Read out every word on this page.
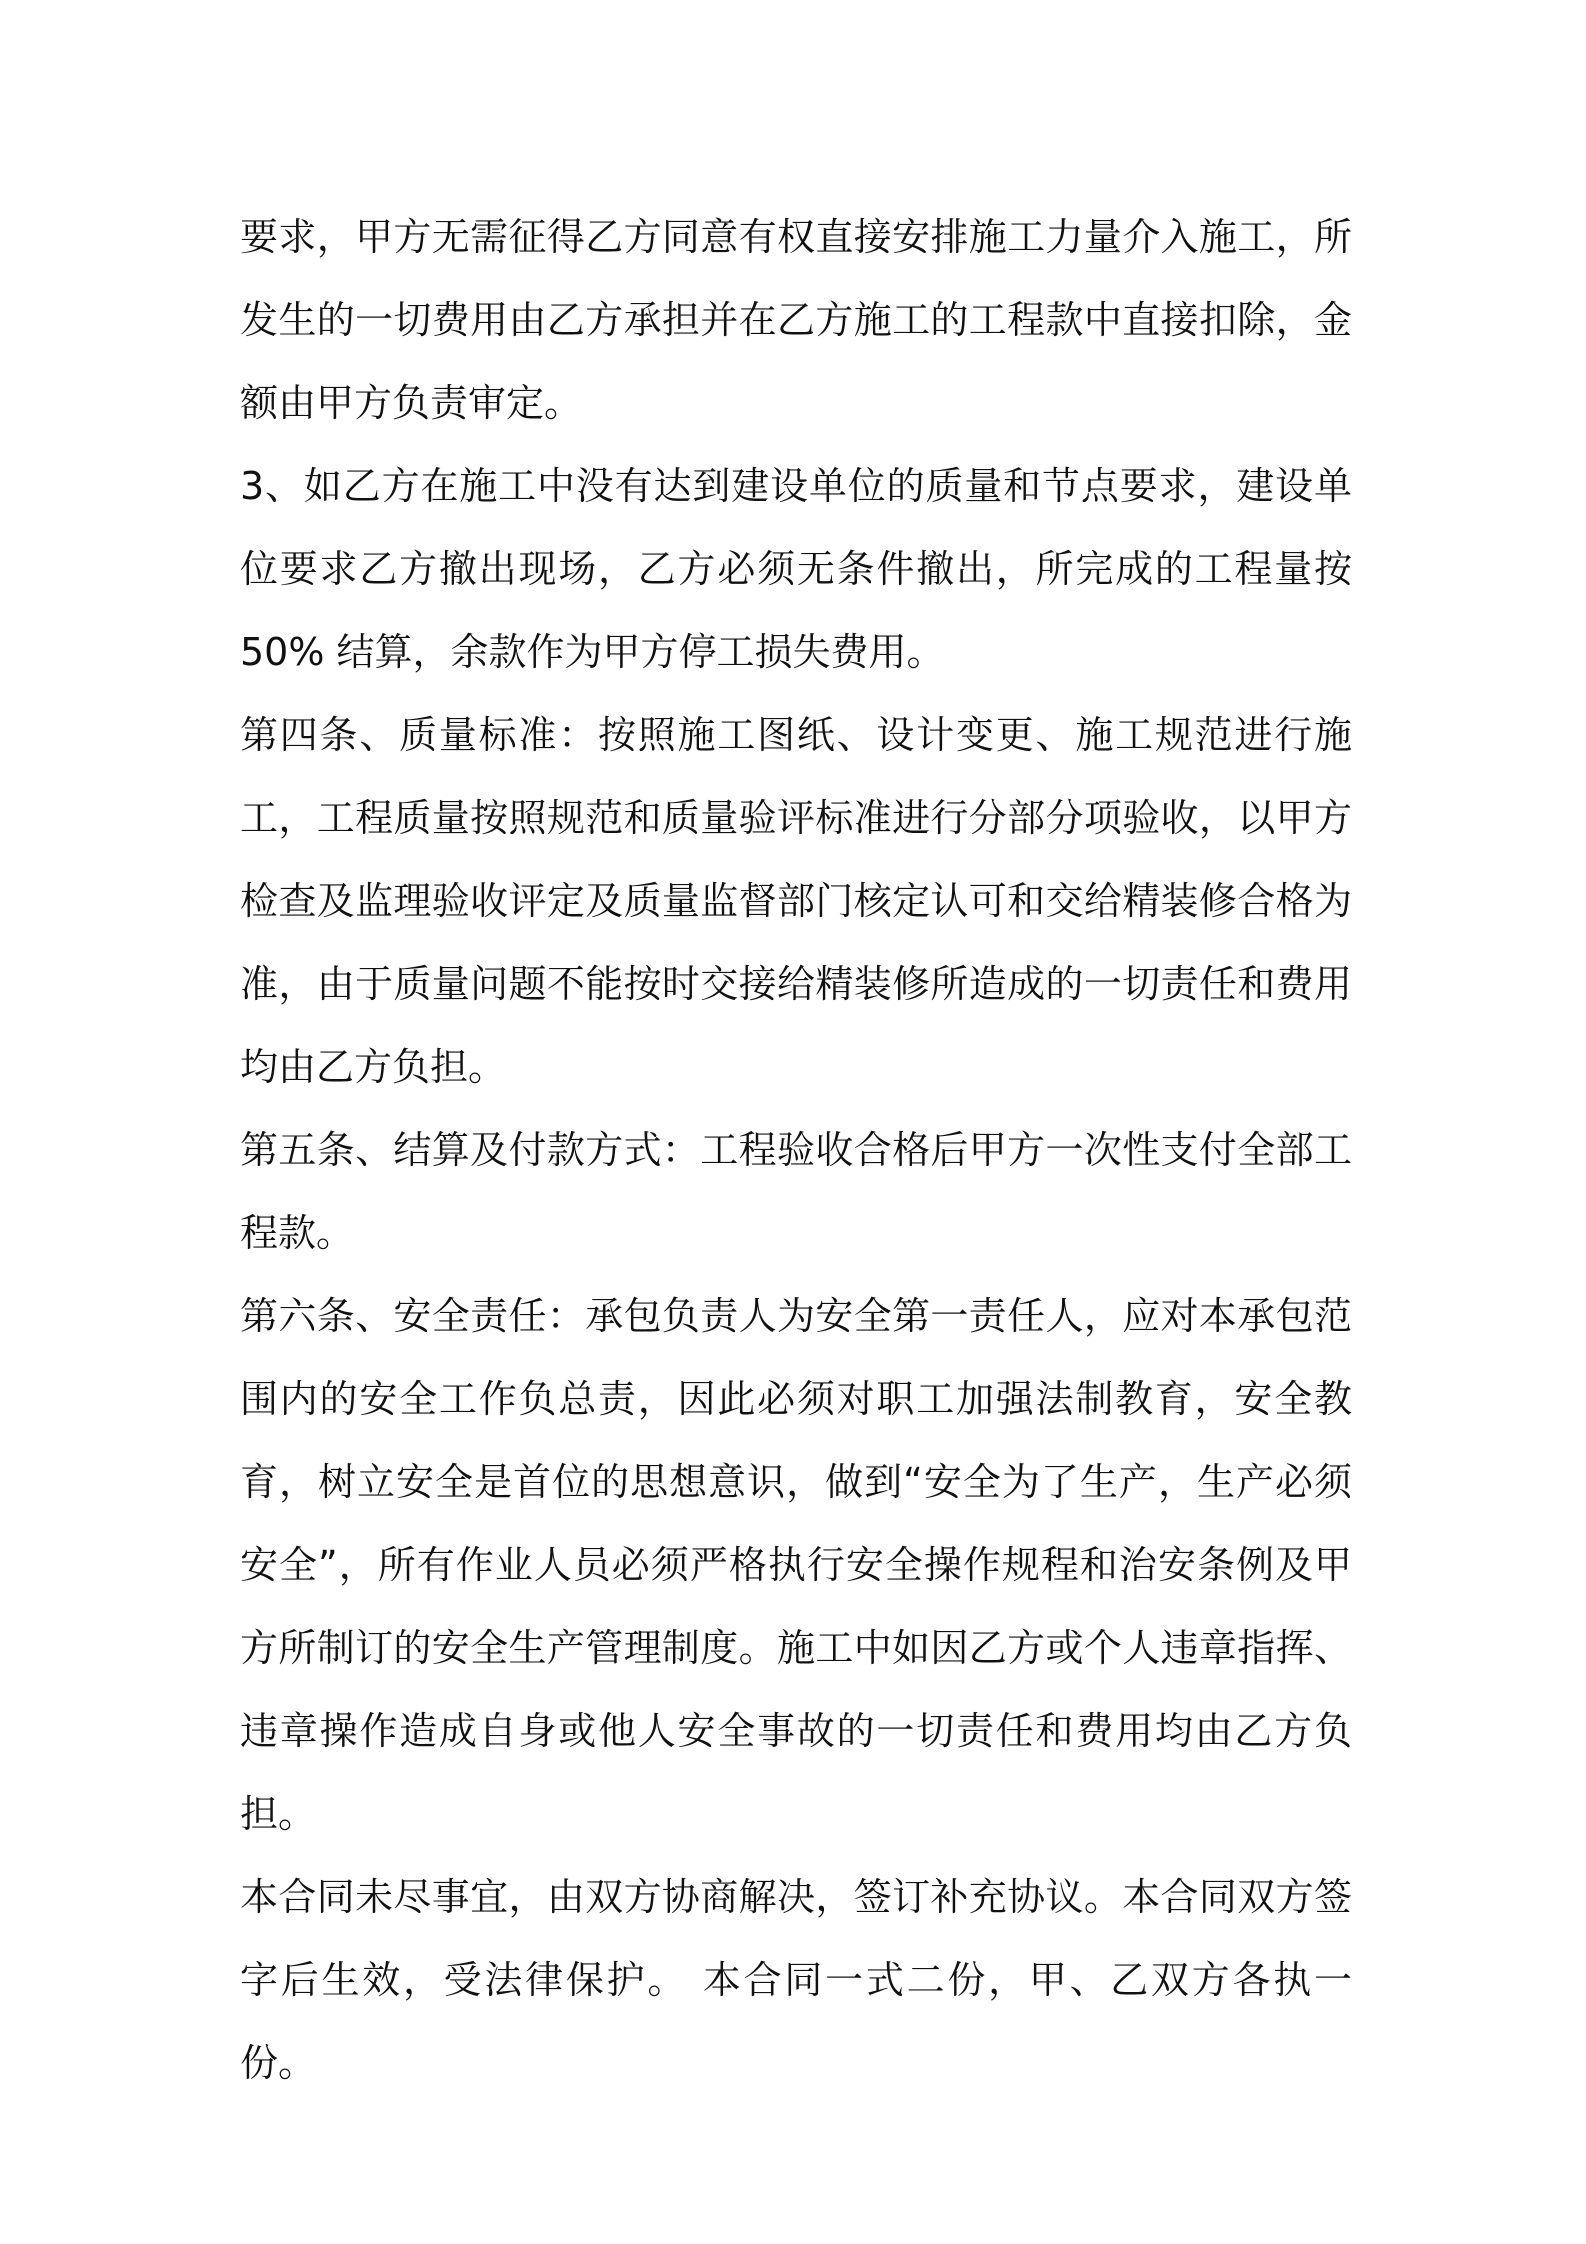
要求，甲方无需征得乙方同意有权直接安排施工力量介入施工，所发生的一切费用由乙方承担并在乙方施工的工程款中直接扣除，金额由甲方负责审定。

3、如乙方在施工中没有达到建设单位的质量和节点要求，建设单位要求乙方撤出现场，乙方必须无条件撤出，所完成的工程量按 50% 结算，余款作为甲方停工损失费用。

第四条、质量标准：按照施工图纸、设计变更、施工规范进行施工，工程质量按照规范和质量验评标准进行分部分项验收，以甲方检查及监理验收评定及质量监督部门核定认可和交给精装修合格为准，由于质量问题不能按时交接给精装修所造成的一切责任和费用均由乙方负担。

第五条、结算及付款方式：工程验收合格后甲方一次性支付全部工程款。

第六条、安全责任：承包负责人为安全第一责任人，应对本承包范围内的安全工作负总责，因此必须对职工加强法制教育，安全教育，树立安全是首位的思想意识，做到“安全为了生产，生产必须安全”，所有作业人员必须严格执行安全操作规程和治安条例及甲方所制订的安全生产管理制度。施工中如因乙方或个人违章指挥、违章操作造成自身或他人安全事故的一切责任和费用均由乙方负担。

本合同未尽事宜，由双方协商解决，签订补充协议。本合同双方签字后生效，受法律保护。 本合同一式二份，甲、乙双方各执一份。
